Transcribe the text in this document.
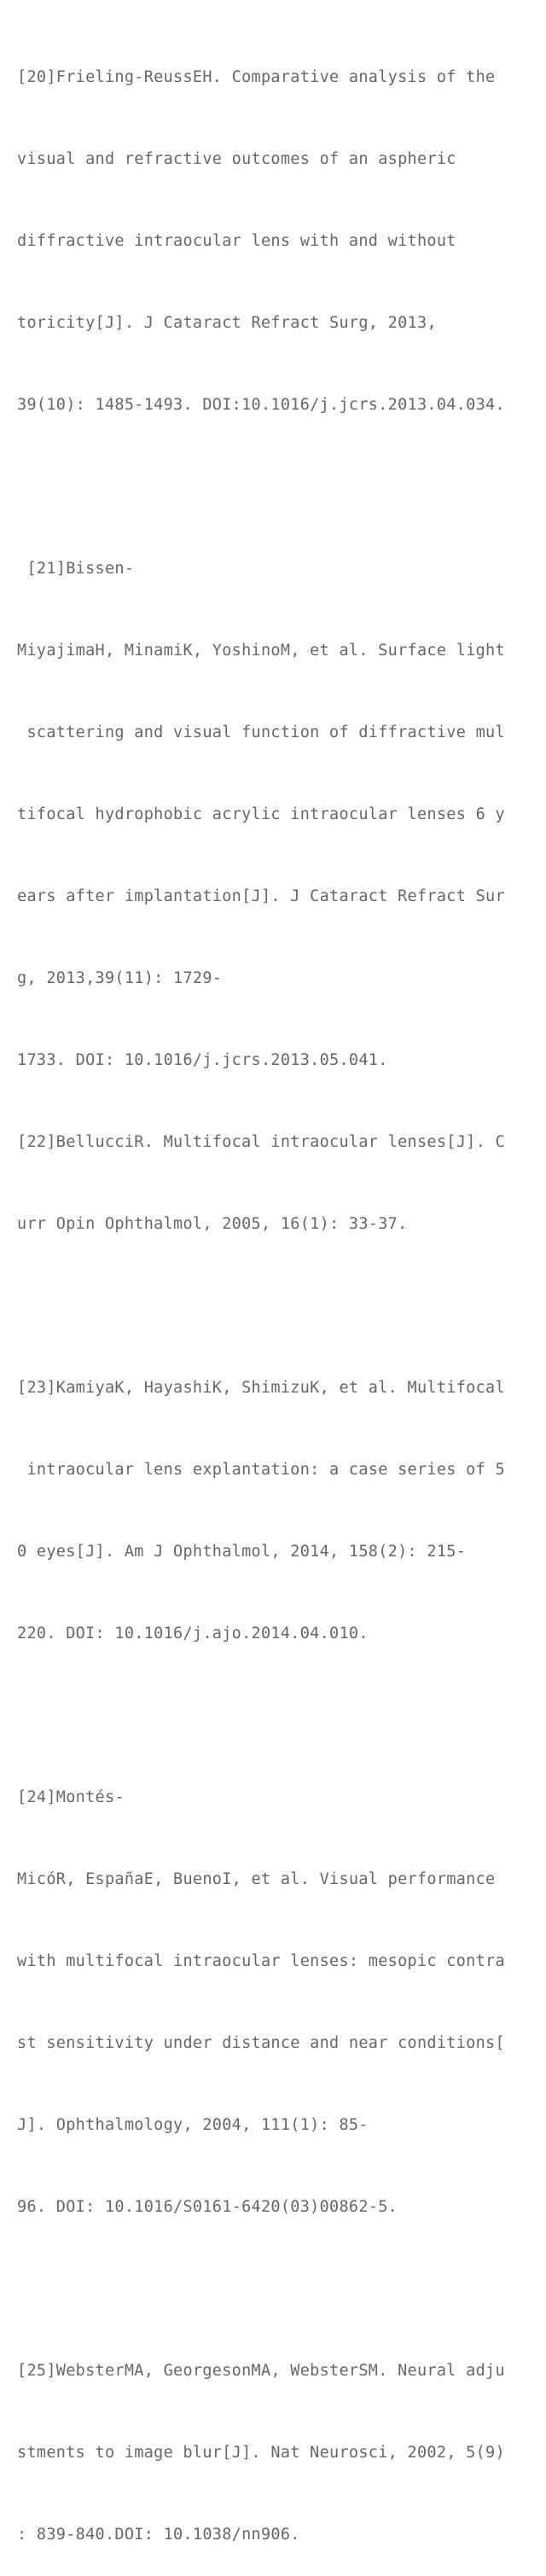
[20]Frieling-ReussEH. Comparative analysis of the

visual and refractive outcomes of an aspheric

diffractive intraocular lens with and without

toricity[J]. J Cataract Refract Surg, 2013,

39(10): 1485-1493. DOI:10.1016/j.jcrs.2013.04.034.

[21]Bissen-

MiyajimaH, MinamiK, YoshinoM, et al. Surface light

scattering and visual function of diffractive mul

tifocal hydrophobic acrylic intraocular lenses 6 y

ears after implantation[J]. J Cataract Refract Sur

g, 2013,39(11): 1729-

1733. DOI: 10.1016/j.jcrs.2013.05.041.

[22]BellucciR. Multifocal intraocular lenses[J]. C

urr Opin Ophthalmol, 2005, 16(1): 33-37.

[23]KamiyaK, HayashiK, ShimizuK, et al. Multifocal

intraocular lens explantation: a case series of 5

0 eyes[J]. Am J Ophthalmol, 2014, 158(2): 215-

220. DOI: 10.1016/j.ajo.2014.04.010.

[24]Montés-

MicóR, EspañaE, BuenoI, et al. Visual performance

with multifocal intraocular lenses: mesopic contra

st sensitivity under distance and near conditions[

J]. Ophthalmology, 2004, 111(1): 85-

96. DOI: 10.1016/S0161-6420(03)00862-5.

[25]WebsterMA, GeorgesonMA, WebsterSM. Neural adju

stments to image blur[J]. Nat Neurosci, 2002, 5(9)

: 839-840.DOI: 10.1038/nn906.
